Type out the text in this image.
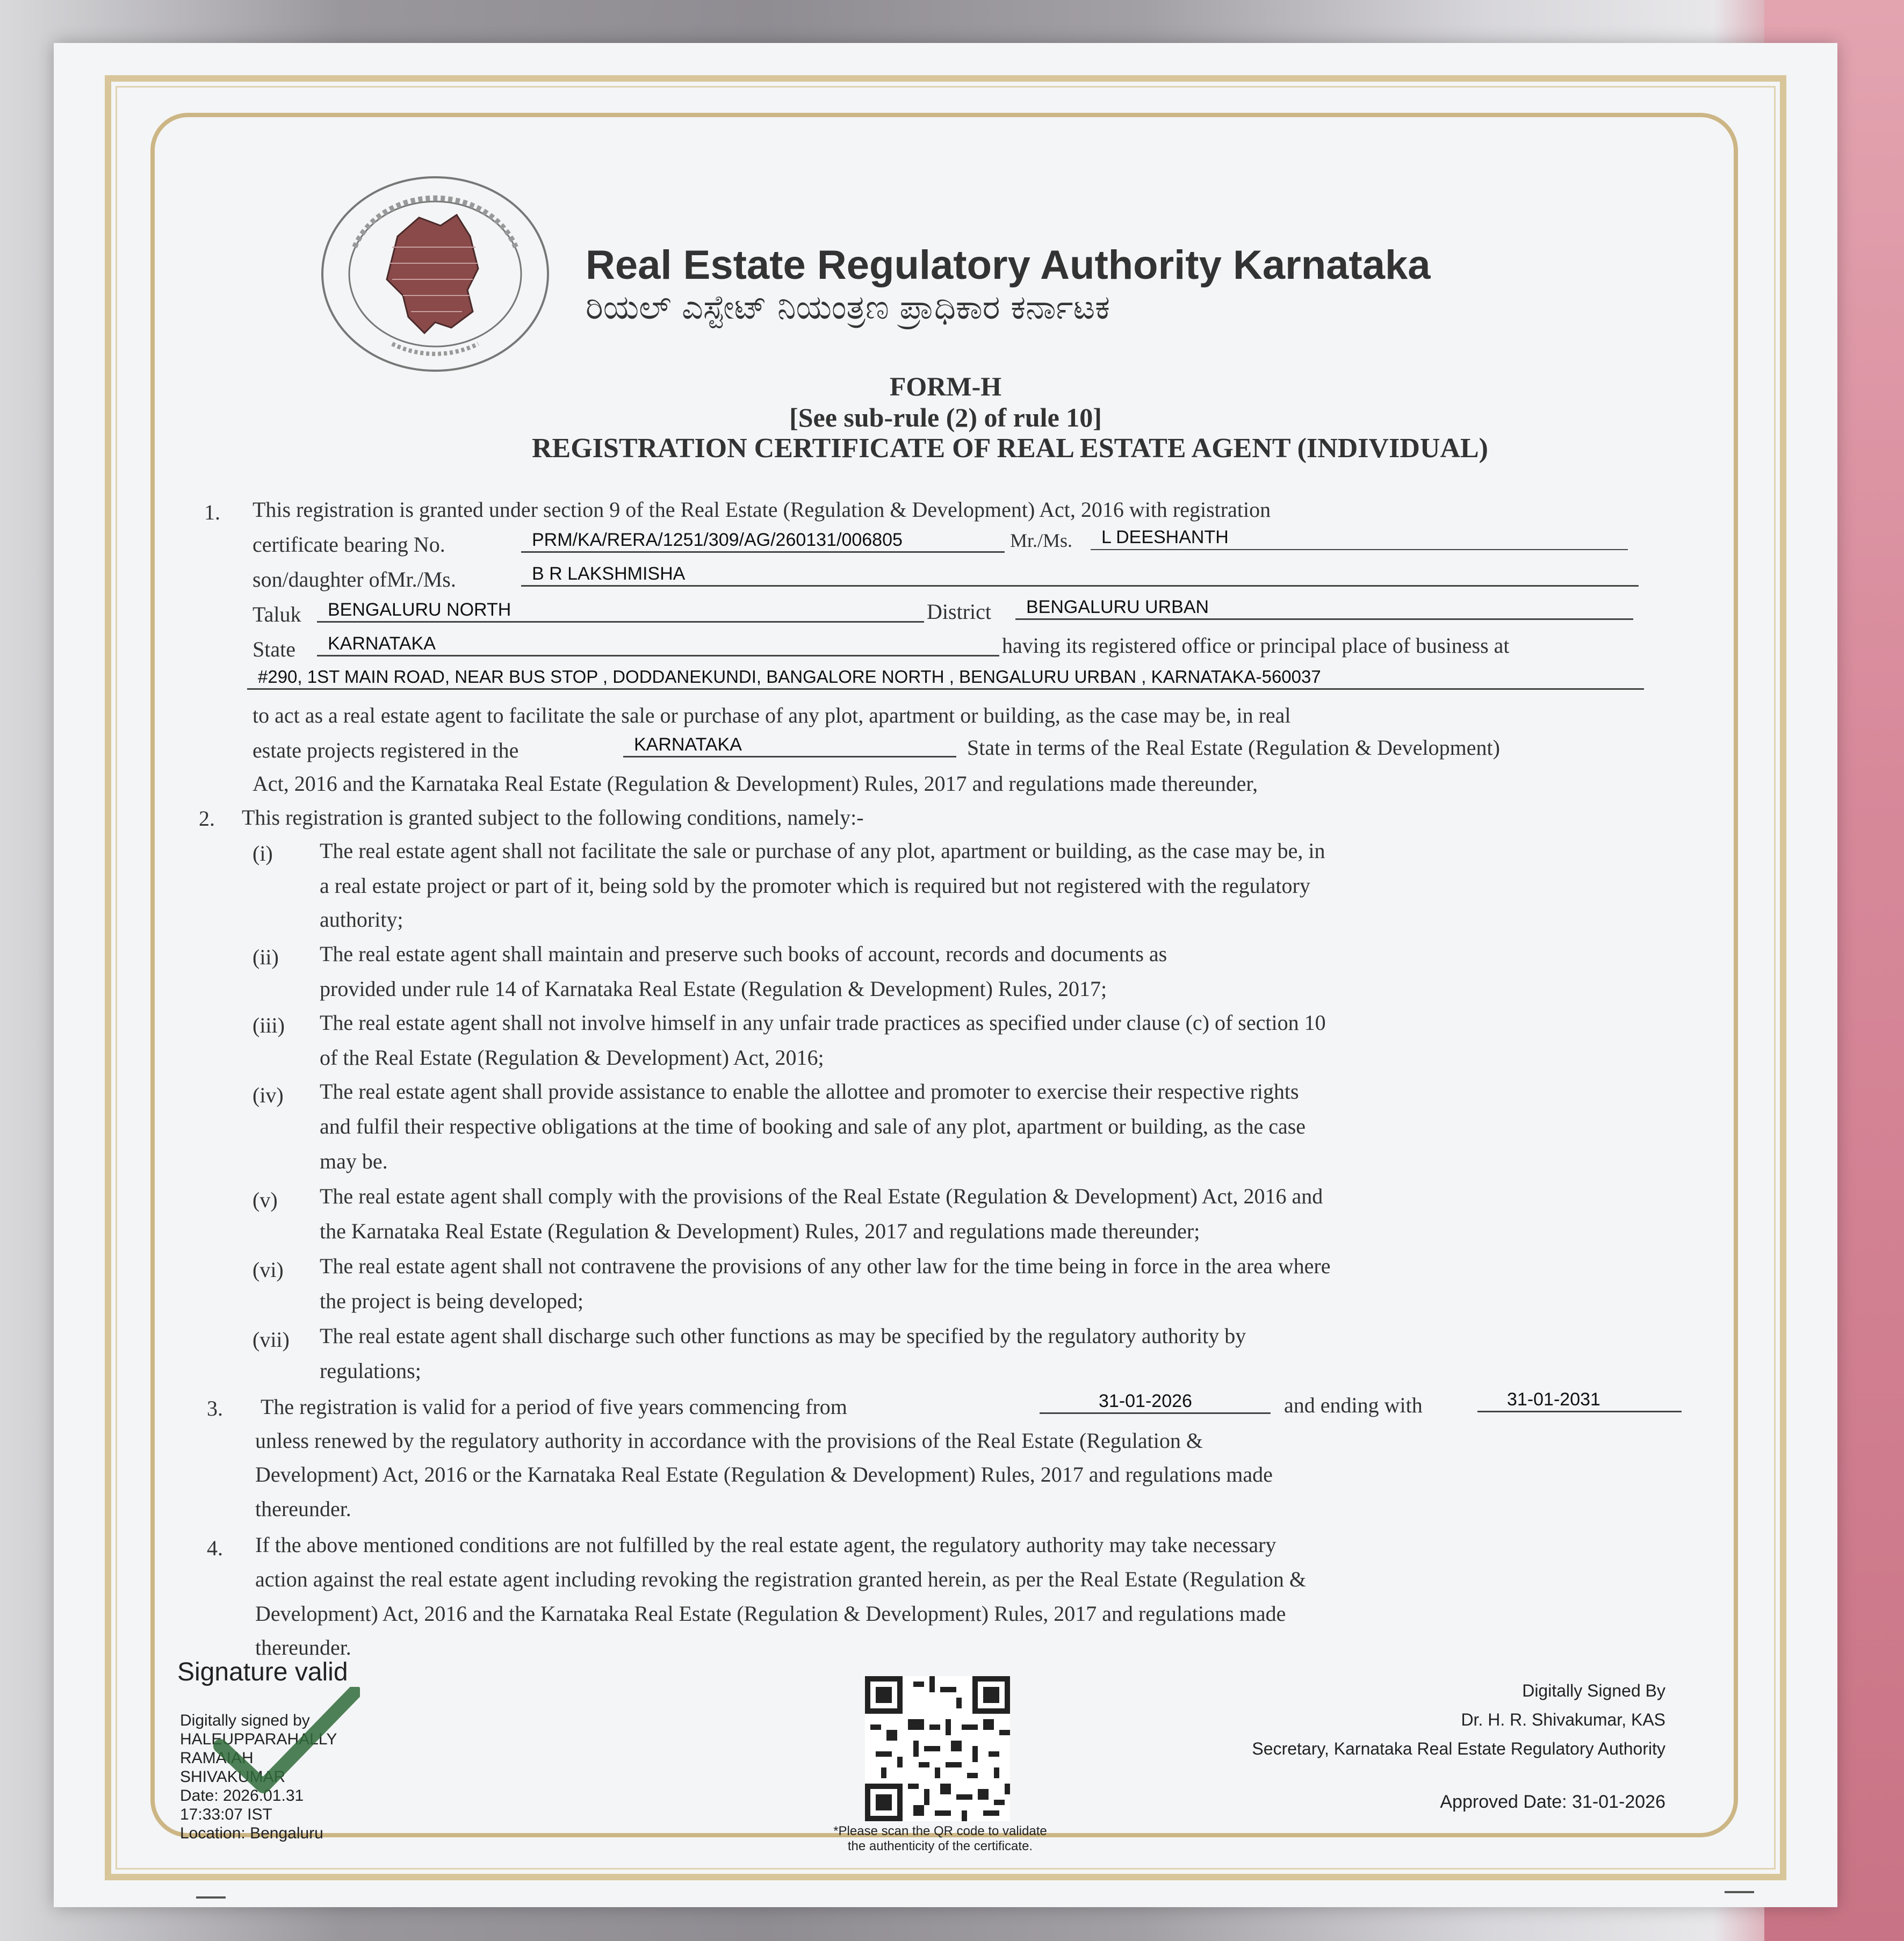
Real Estate Regulatory Authority Karnataka
ರಿಯಲ್ ಎಸ್ಟೇಟ್ ನಿಯಂತ್ರಣ ಪ್ರಾಧಿಕಾರ ಕರ್ನಾಟಕ
FORM-H
[See sub-rule (2) of rule 10]
REGISTRATION CERTIFICATE OF REAL ESTATE AGENT (INDIVIDUAL)
1. This registration is granted under section 9 of the Real Estate (Regulation & Development) Act, 2016 with registration
certificate bearing No.	PRM/KA/RERA/1251/309/AG/260131/006805	Mr./Ms.	L DEESHANTH
son/daughter ofMr./Ms.	B R LAKSHMISHA
Taluk	BENGALURU NORTH	District	BENGALURU URBAN
State	KARNATAKA	having its registered office or principal place of business at
#290, 1ST MAIN ROAD, NEAR BUS STOP , DODDANEKUNDI, BANGALORE NORTH , BENGALURU URBAN , KARNATAKA-560037
to act as a real estate agent to facilitate the sale or purchase of any plot, apartment or building, as the case may be, in real
estate projects registered in the	KARNATAKA	State in terms of the Real Estate (Regulation & Development)
Act, 2016 and the Karnataka Real Estate (Regulation & Development) Rules, 2017 and regulations made thereunder,
2. This registration is granted subject to the following conditions, namely:-
(i) The real estate agent shall not facilitate the sale or purchase of any plot, apartment or building, as the case may be, in
a real estate project or part of it, being sold by the promoter which is required but not registered with the regulatory
authority;
(ii) The real estate agent shall maintain and preserve such books of account, records and documents as
provided under rule 14 of Karnataka Real Estate (Regulation & Development) Rules, 2017;
(iii) The real estate agent shall not involve himself in any unfair trade practices as specified under clause (c) of section 10
of the Real Estate (Regulation & Development) Act, 2016;
(iv) The real estate agent shall provide assistance to enable the allottee and promoter to exercise their respective rights
and fulfil their respective obligations at the time of booking and sale of any plot, apartment or building, as the case
may be.
(v) The real estate agent shall comply with the provisions of the Real Estate (Regulation & Development) Act, 2016 and
the Karnataka Real Estate (Regulation & Development) Rules, 2017 and regulations made thereunder;
(vi) The real estate agent shall not contravene the provisions of any other law for the time being in force in the area where
the project is being developed;
(vii) The real estate agent shall discharge such other functions as may be specified by the regulatory authority by
regulations;
3. The registration is valid for a period of five years commencing from	31-01-2026	and ending with	31-01-2031
unless renewed by the regulatory authority in accordance with the provisions of the Real Estate (Regulation &
Development) Act, 2016 or the Karnataka Real Estate (Regulation & Development) Rules, 2017 and regulations made
thereunder.
4. If the above mentioned conditions are not fulfilled by the real estate agent, the regulatory authority may take necessary
action against the real estate agent including revoking the registration granted herein, as per the Real Estate (Regulation &
Development) Act, 2016 and the Karnataka Real Estate (Regulation & Development) Rules, 2017 and regulations made
thereunder.
Signature valid
Digitally signed by
HALEUPPARAHALLY
RAMAIAH
SHIVAKUMAR
Date: 2026.01.31
17:33:07 IST
Location: Bengaluru	*Please scan the QR code to validate
the authenticity of the certificate.
Digitally Signed By
Dr. H. R. Shivakumar, KAS
Secretary, Karnataka Real Estate Regulatory Authority
Approved Date: 31-01-2026
